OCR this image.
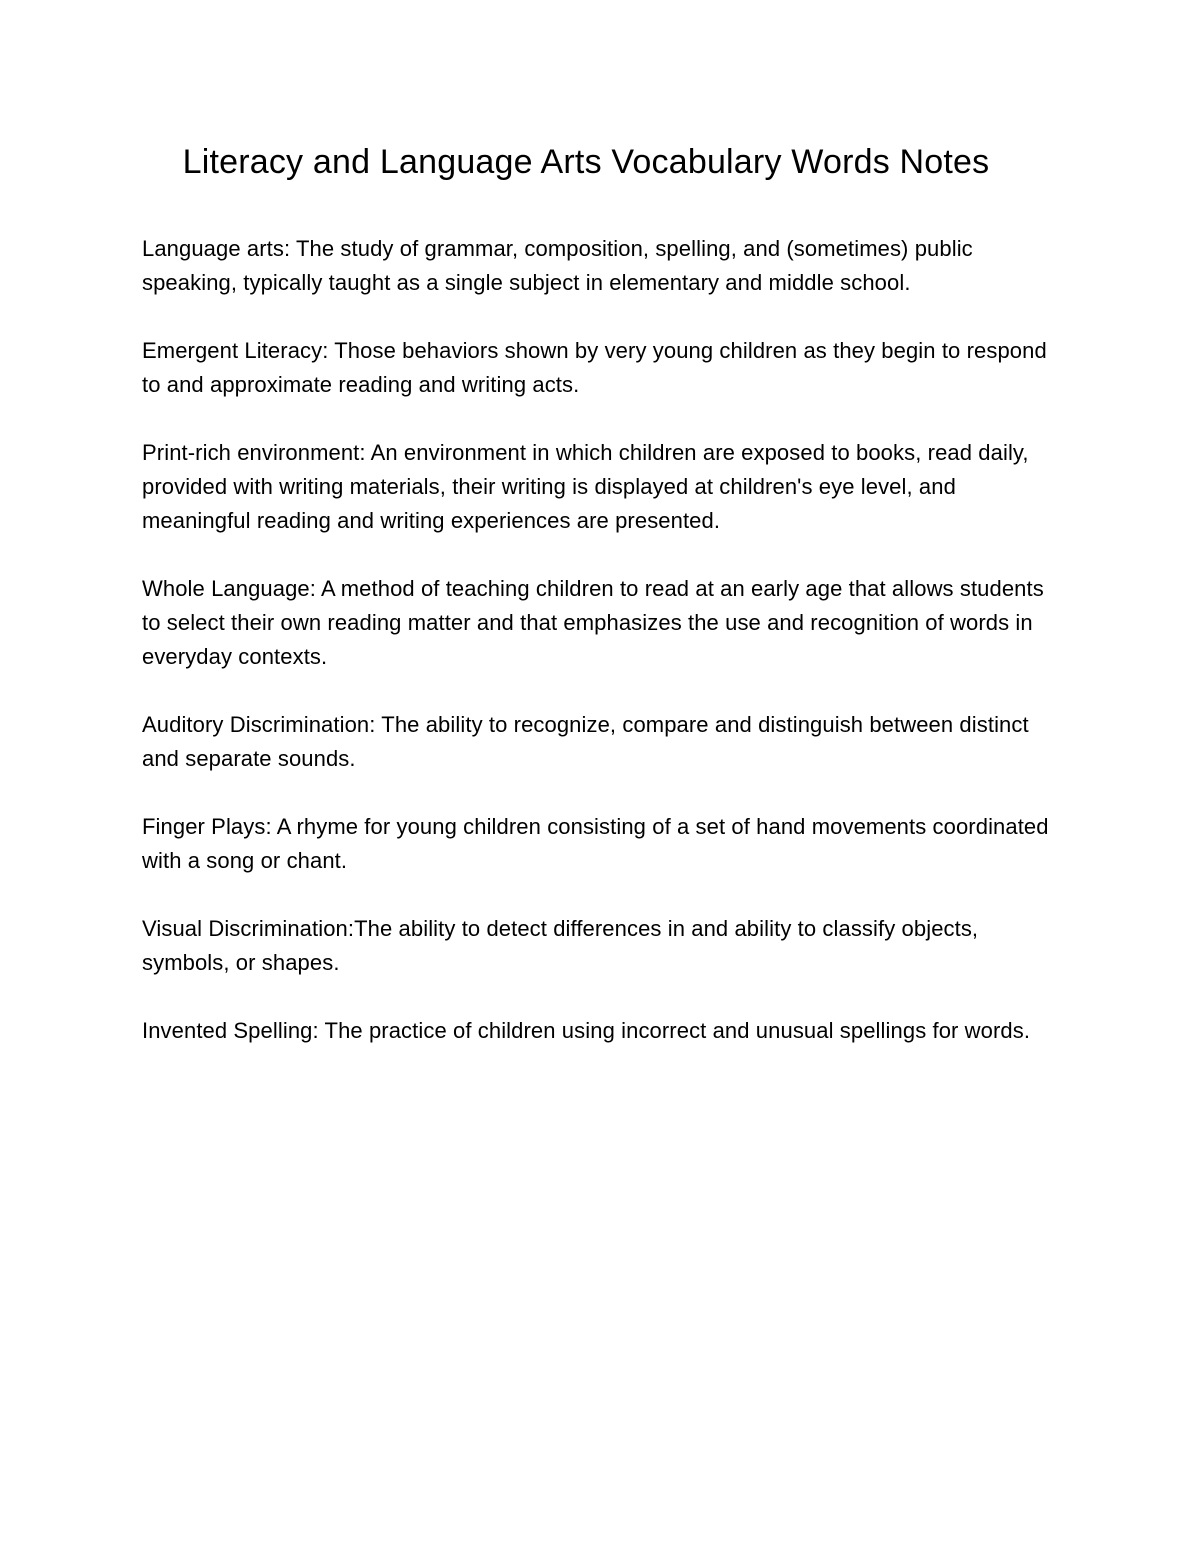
Literacy and Language Arts Vocabulary Words Notes

Language arts: The study of grammar, composition, spelling, and (sometimes) public speaking, typically taught as a single subject in elementary and middle school.

Emergent Literacy: Those behaviors shown by very young children as they begin to respond to and approximate reading and writing acts.

Print-rich environment: An environment in which children are exposed to books, read daily, provided with writing materials, their writing is displayed at children's eye level, and meaningful reading and writing experiences are presented.

Whole Language: A method of teaching children to read at an early age that allows students to select their own reading matter and that emphasizes the use and recognition of words in everyday contexts.

Auditory Discrimination: The ability to recognize, compare and distinguish between distinct and separate sounds.

Finger Plays: A rhyme for young children consisting of a set of hand movements coordinated with a song or chant.

Visual Discrimination:The ability to detect differences in and ability to classify objects, symbols, or shapes.

Invented Spelling: The practice of children using incorrect and unusual spellings for words.
